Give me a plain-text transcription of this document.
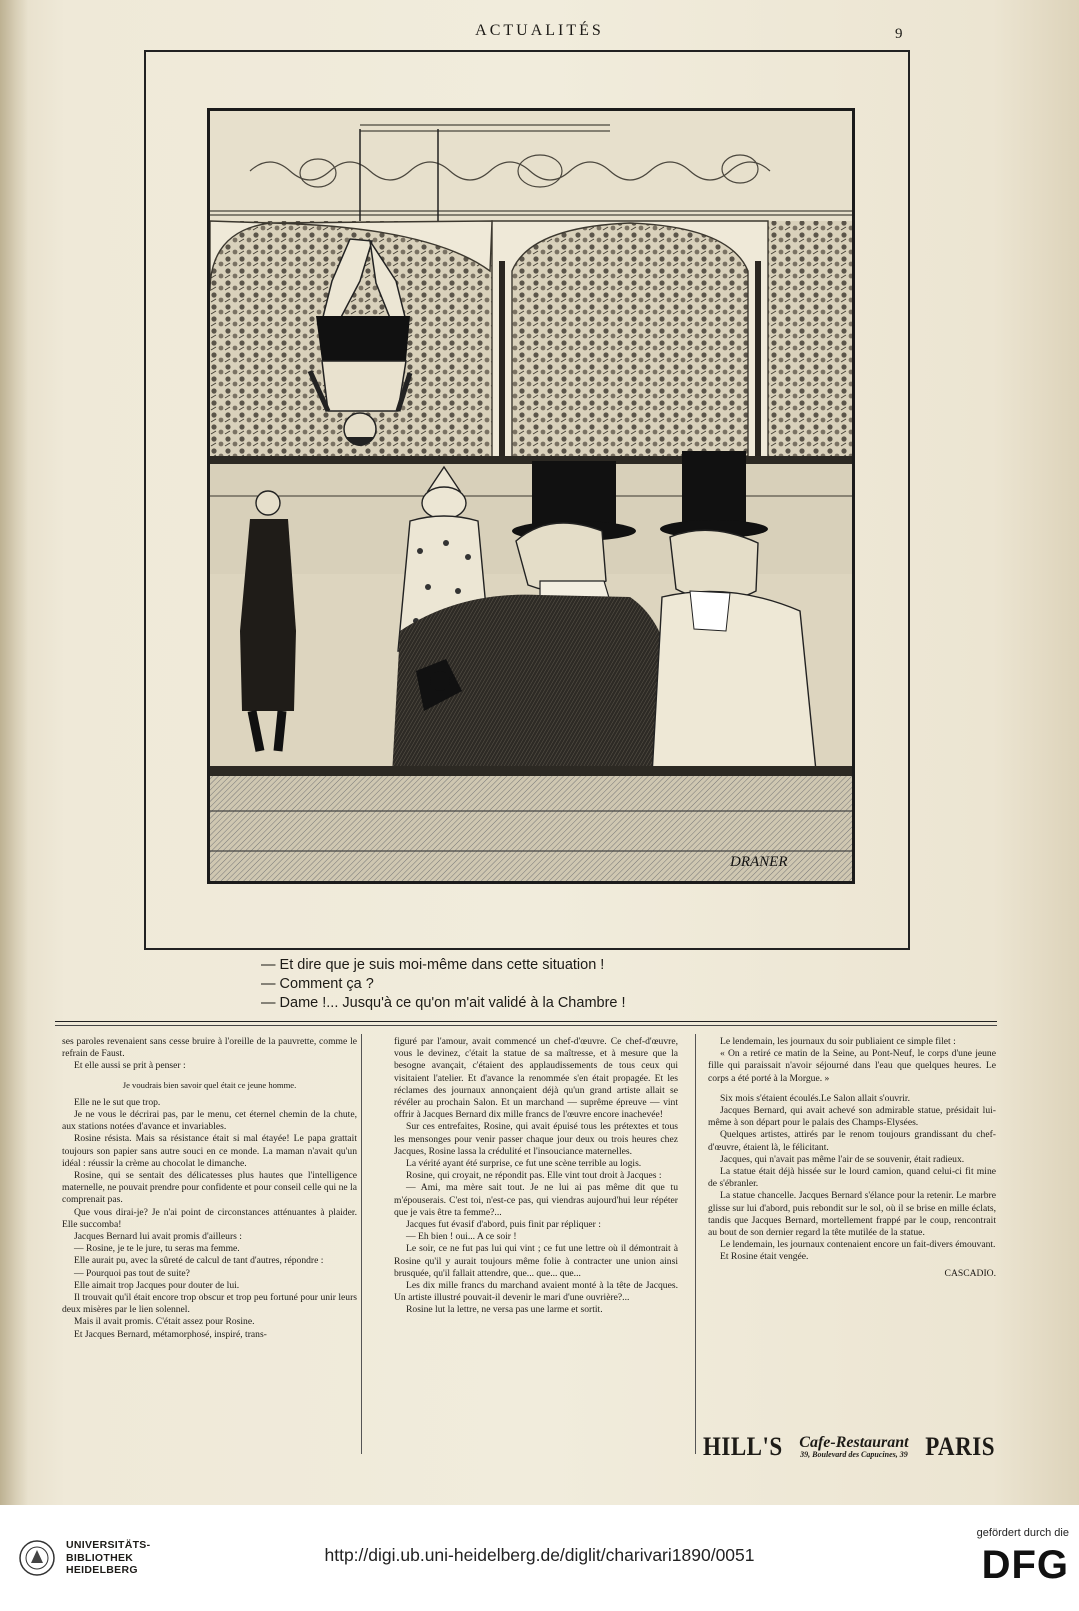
ACTUALITÉS	9
DRANER
— Et dire que je suis moi-même dans cette situation !
— Comment ça ?
— Dame !... Jusqu'à ce qu'on m'ait validé à la Chambre !

ses paroles revenaient sans cesse bruire à l'oreille de la pauvrette, comme le refrain de Faust.

Et elle aussi se prit à penser :

Je voudrais bien savoir quel était ce jeune homme.

Elle ne le sut que trop.

Je ne vous le décrirai pas, par le menu, cet éternel chemin de la chute, aux stations notées d'avance et invariables.

Rosine résista. Mais sa résistance était si mal étayée! Le papa grattait toujours son papier sans autre souci en ce monde. La maman n'avait qu'un idéal : réussir la crème au chocolat le dimanche.

Rosine, qui se sentait des délicatesses plus hautes que l'intelligence maternelle, ne pouvait prendre pour confidente et pour conseil celle qui ne la comprenait pas.

Que vous dirai-je? Je n'ai point de circonstances atténuantes à plaider. Elle succomba!

Jacques Bernard lui avait promis d'ailleurs :

— Rosine, je te le jure, tu seras ma femme.

Elle aurait pu, avec la sûreté de calcul de tant d'autres, répondre :

— Pourquoi pas tout de suite?

Elle aimait trop Jacques pour douter de lui.

Il trouvait qu'il était encore trop obscur et trop peu fortuné pour unir leurs deux misères par le lien solennel.

Mais il avait promis. C'était assez pour Rosine.

Et Jacques Bernard, métamorphosé, inspiré, trans-

figuré par l'amour, avait commencé un chef-d'œuvre. Ce chef-d'œuvre, vous le devinez, c'était la statue de sa maîtresse, et à mesure que la besogne avançait, c'étaient des applaudissements de tous ceux qui visitaient l'atelier. Et d'avance la renommée s'en était propagée. Et les réclames des journaux annonçaient déjà qu'un grand artiste allait se révéler au prochain Salon. Et un marchand — suprême épreuve — vint offrir à Jacques Bernard dix mille francs de l'œuvre encore inachevée!

Sur ces entrefaites, Rosine, qui avait épuisé tous les prétextes et tous les mensonges pour venir passer chaque jour deux ou trois heures chez Jacques, Rosine lassa la crédulité et l'insouciance maternelles.

La vérité ayant été surprise, ce fut une scène terrible au logis.

Rosine, qui croyait, ne répondit pas. Elle vint tout droit à Jacques :

— Ami, ma mère sait tout. Je ne lui ai pas même dit que tu m'épouserais. C'est toi, n'est-ce pas, qui viendras aujourd'hui leur répéter que je vais être ta femme?...

Jacques fut évasif d'abord, puis finit par répliquer :

— Eh bien ! oui... A ce soir !

Le soir, ce ne fut pas lui qui vint ; ce fut une lettre où il démontrait à Rosine qu'il y aurait toujours même folie à contracter une union ainsi brusquée, qu'il fallait attendre, que... que... que...

Les dix mille francs du marchand avaient monté à la tête de Jacques. Un artiste illustré pouvait-il devenir le mari d'une ouvrière?...

Rosine lut la lettre, ne versa pas une larme et sortit.

Le lendemain, les journaux du soir publiaient ce simple filet :

« On a retiré ce matin de la Seine, au Pont-Neuf, le corps d'une jeune fille qui paraissait n'avoir séjourné dans l'eau que quelques heures. Le corps a été porté à la Morgue. »

Six mois s'étaient écoulés.Le Salon allait s'ouvrir.

Jacques Bernard, qui avait achevé son admirable statue, présidait lui-même à son départ pour le palais des Champs-Elysées.

Quelques artistes, attirés par le renom toujours grandissant du chef-d'œuvre, étaient là, le félicitant.

Jacques, qui n'avait pas même l'air de se souvenir, était radieux.

La statue était déjà hissée sur le lourd camion, quand celui-ci fit mine de s'ébranler.

La statue chancelle. Jacques Bernard s'élance pour la retenir. Le marbre glisse sur lui d'abord, puis rebondit sur le sol, où il se brise en mille éclats, tandis que Jacques Bernard, mortellement frappé par le coup, rencontrait au bout de son dernier regard la tête mutilée de la statue.

Le lendemain, les journaux contenaient encore un fait-divers émouvant.

Et Rosine était vengée.

CASCADIO.

HILL'S Cafe-Restaurant
39, Boulevard des Capucines, 39 PARIS
UNIVERSITÄTS-
BIBLIOTHEK
HEIDELBERG
http://digi.ub.uni-heidelberg.de/diglit/charivari1890/0051
gefördert durch die
DFG
